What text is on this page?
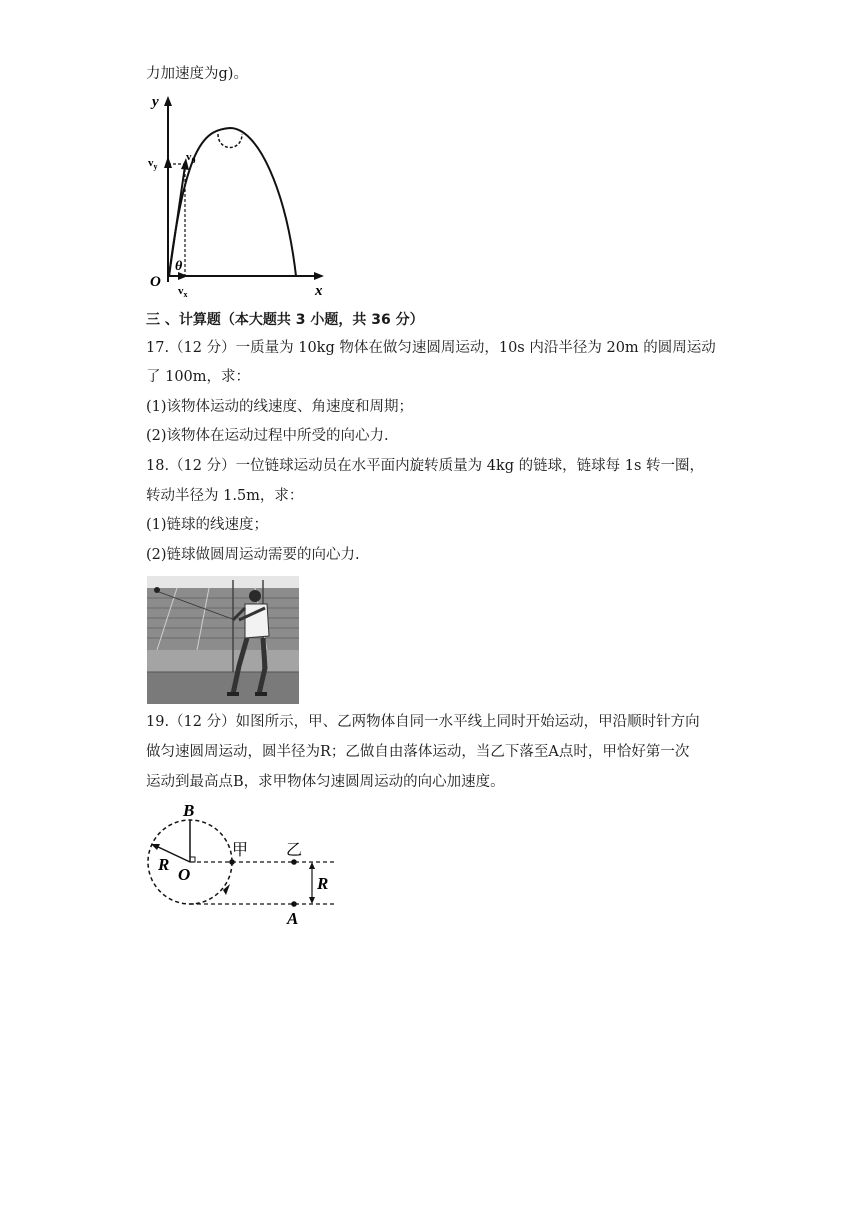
力加速度为g)。
y
x
O
$v_y$
$v_0$
$v_x$
θ
三 、计算题（本大题共 3 小题，共 36 分）
17.（12 分）一质量为 10kg 物体在做匀速圆周运动，10s 内沿半径为 20m 的圆周运动
了 100m，求：
(1)该物体运动的线速度、角速度和周期；
(2)该物体在运动过程中所受的向心力.
18.（12 分）一位链球运动员在水平面内旋转质量为 4kg 的链球，链球每 1s 转一圈，
转动半径为 1.5m，求：
(1)链球的线速度；
(2)链球做圆周运动需要的向心力.
19.（12 分）如图所示，甲、乙两物体自同一水平线上同时开始运动，甲沿顺时针方向
做匀速圆周运动，圆半径为R；乙做自由落体运动，当乙下落至A点时，甲恰好第一次
运动到最高点B，求甲物体匀速圆周运动的向心加速度。
B
R
O
甲 乙
R
A
